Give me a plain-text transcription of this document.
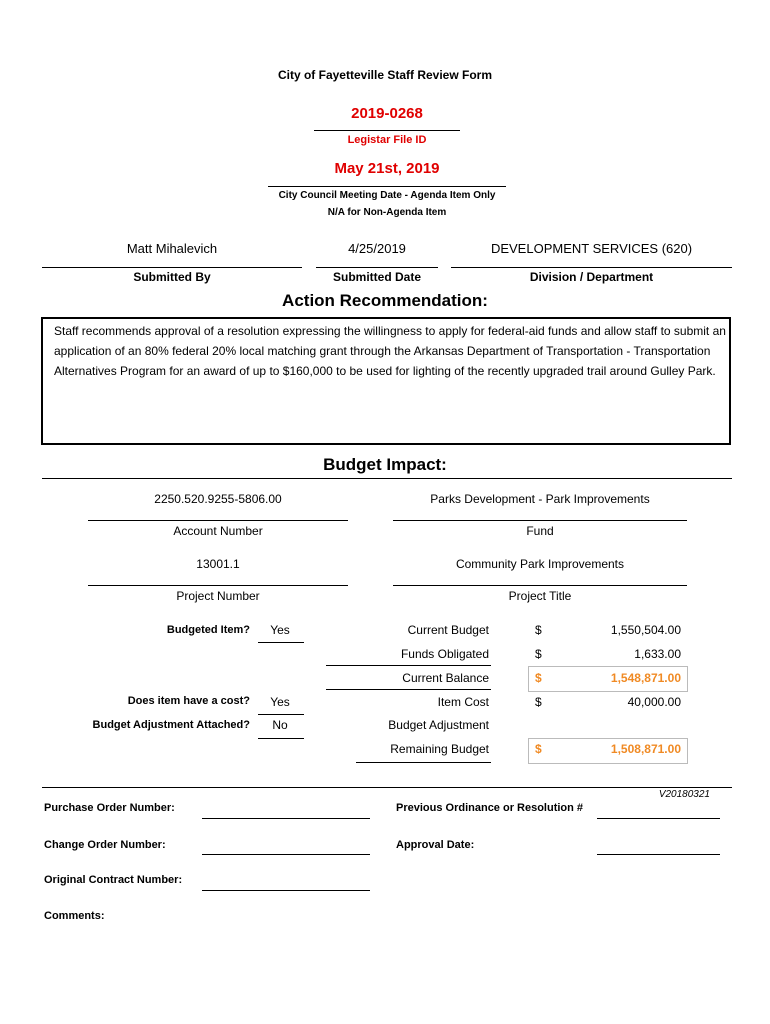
City of Fayetteville Staff Review Form
2019-0268
Legistar File ID
May 21st, 2019
City Council Meeting Date - Agenda Item Only
N/A for Non-Agenda Item
Matt Mihalevich
Submitted By
4/25/2019
Submitted Date
DEVELOPMENT SERVICES (620)
Division / Department
Action Recommendation:
Staff recommends approval of a resolution expressing the willingness to apply for federal-aid funds and allow staff to submit an application of an 80% federal 20% local matching grant through the Arkansas Department of Transportation - Transportation Alternatives Program for an award of up to $160,000 to be used for lighting of the recently upgraded trail around Gulley Park.
Budget Impact:
2250.520.9255-5806.00
Account Number
Parks Development - Park Improvements
Fund
13001.1
Project Number
Community Park Improvements
Project Title
Budgeted Item?	Yes
Does item have a cost?	Yes
Budget Adjustment Attached?	No
Current Budget	$	1,550,504.00
Funds Obligated	$	1,633.00
Current Balance	$	1,548,871.00
Item Cost	$	40,000.00
Budget Adjustment
Remaining Budget	$	1,508,871.00
V20180321
Purchase Order Number:	Previous Ordinance or Resolution #
Change Order Number:	Approval Date:
Original Contract Number:
Comments:
